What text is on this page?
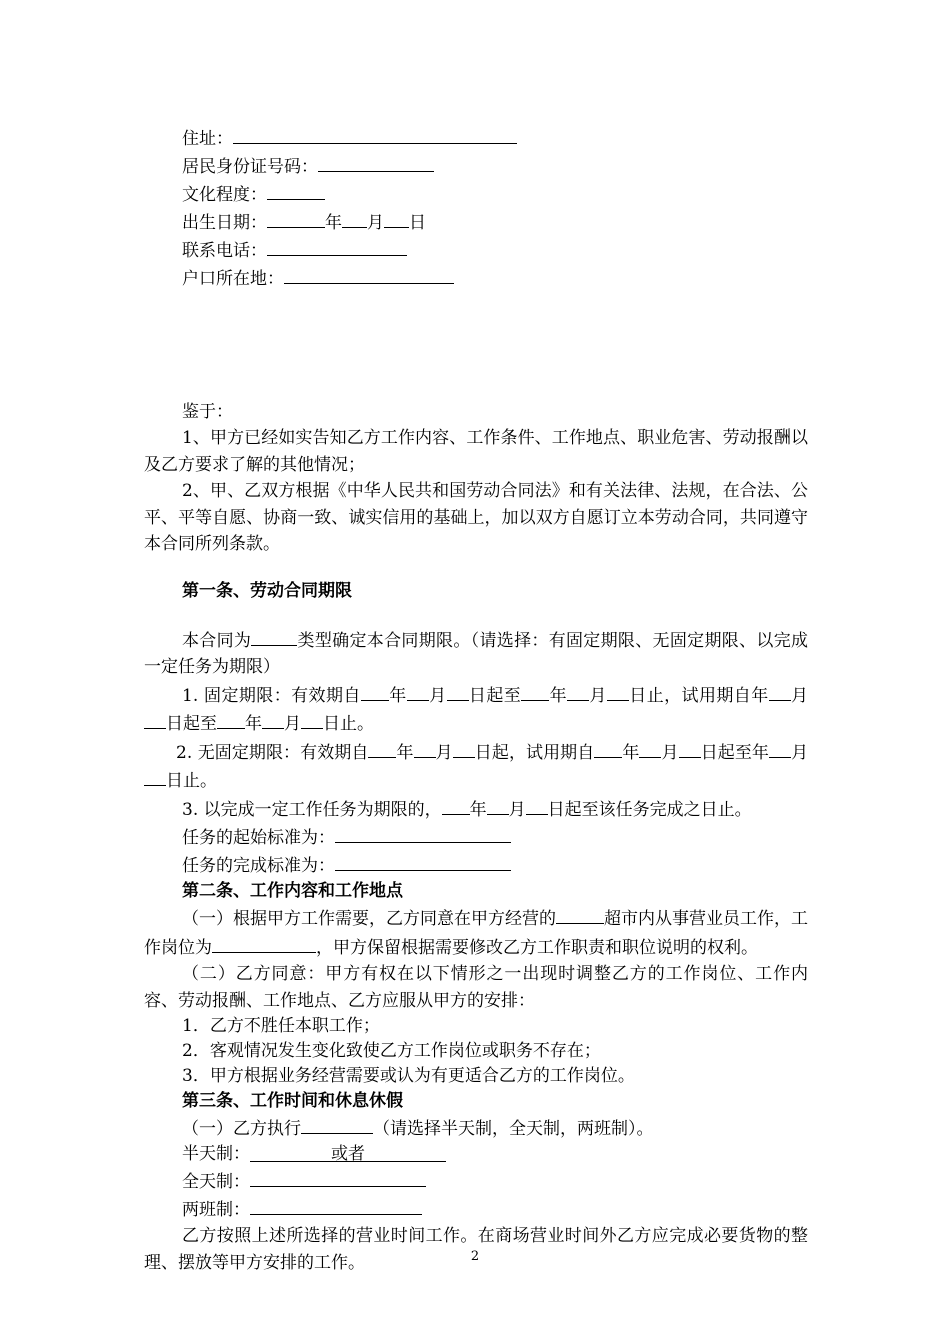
住址：
居民身份证号码：
文化程度：
出生日期：	年 月 日
联系电话：
户口所在地：
鉴于：
1、甲方已经如实告知乙方工作内容、工作条件、工作地点、职业危害、劳动报酬以及乙方要求了解的其他情况；
2、甲、乙双方根据《中华人民共和国劳动合同法》和有关法律、法规，在合法、公平、平等自愿、协商一致、诚实信用的基础上，加以双方自愿订立本劳动合同，共同遵守本合同所列条款。
第一条、劳动合同期限
本合同为	类型确定本合同期限。（请选择：有固定期限、无固定期限、以完成一定任务为期限）
1. 固定期限：有效期自 年 月 日起至 年 月 日止，试用期自年 月日起至 年 月 日止。
2. 无固定期限：有效期自 年 月 日起，试用期自 年 月 日起至年 月日止。
3. 以完成一定工作任务为期限的， 年 月 日起至该任务完成之日止。
任务的起始标准为：
任务的完成标准为：
第二条、工作内容和工作地点
（一）根据甲方工作需要，乙方同意在甲方经营的	超市内从事营业员工作，工作岗位为	，甲方保留根据需要修改乙方工作职责和职位说明的权利。
（二）乙方同意：甲方有权在以下情形之一出现时调整乙方的工作岗位、工作内容、劳动报酬、工作地点、乙方应服从甲方的安排：
1．乙方不胜任本职工作；
2．客观情况发生变化致使乙方工作岗位或职务不存在；
3．甲方根据业务经营需要或认为有更适合乙方的工作岗位。
第三条、工作时间和休息休假
（一）乙方执行	（请选择半天制，全天制，两班制）。
半天制：	或者
全天制：
两班制：
乙方按照上述所选择的营业时间工作。在商场营业时间外乙方应完成必要货物的整理、摆放等甲方安排的工作。	2
